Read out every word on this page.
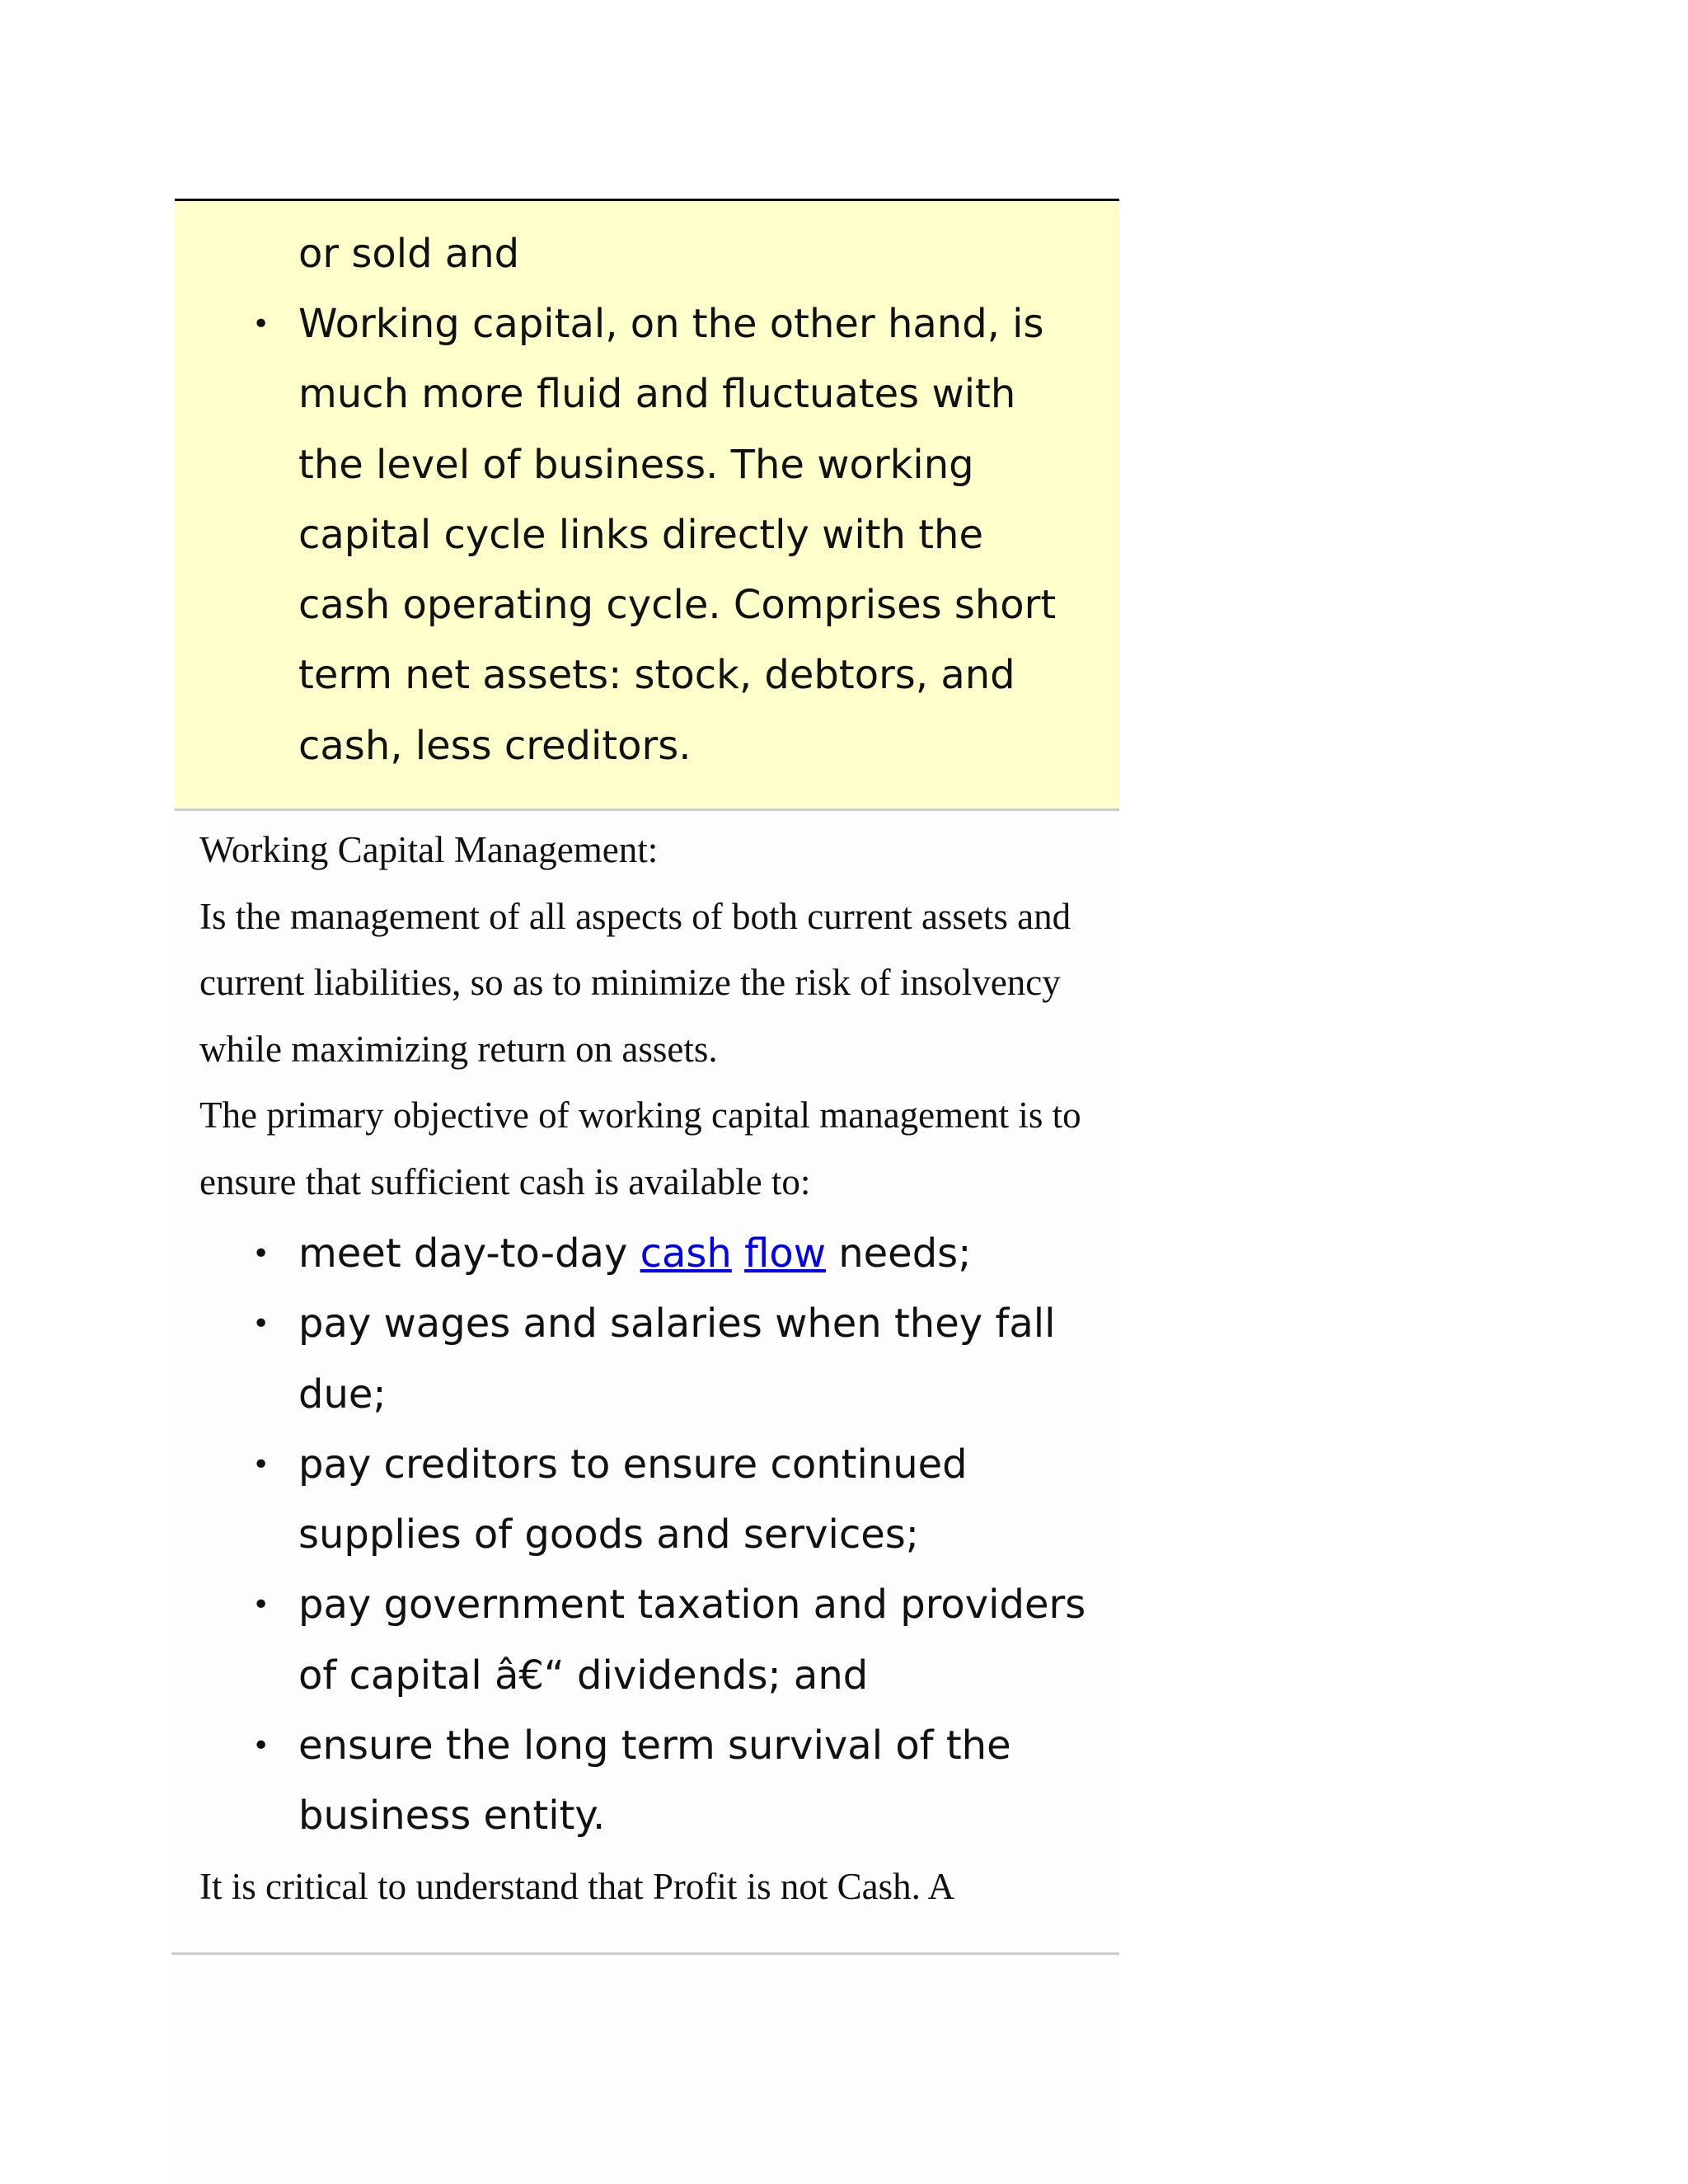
or sold and
• Working capital, on the other hand, is much more fluid and fluctuates with the level of business. The working capital cycle links directly with the cash operating cycle. Comprises short term net assets: stock, debtors, and cash, less creditors.

Working Capital Management:

Is the management of all aspects of both current assets and current liabilities, so as to minimize the risk of insolvency while maximizing return on assets.

The primary objective of working capital management is to ensure that sufficient cash is available to:

• meet day-to-day cash flow needs;
• pay wages and salaries when they fall due;
• pay creditors to ensure continued supplies of goods and services;
• pay government taxation and providers of capital â€“ dividends; and
• ensure the long term survival of the business entity.

It is critical to understand that Profit is not Cash. A
